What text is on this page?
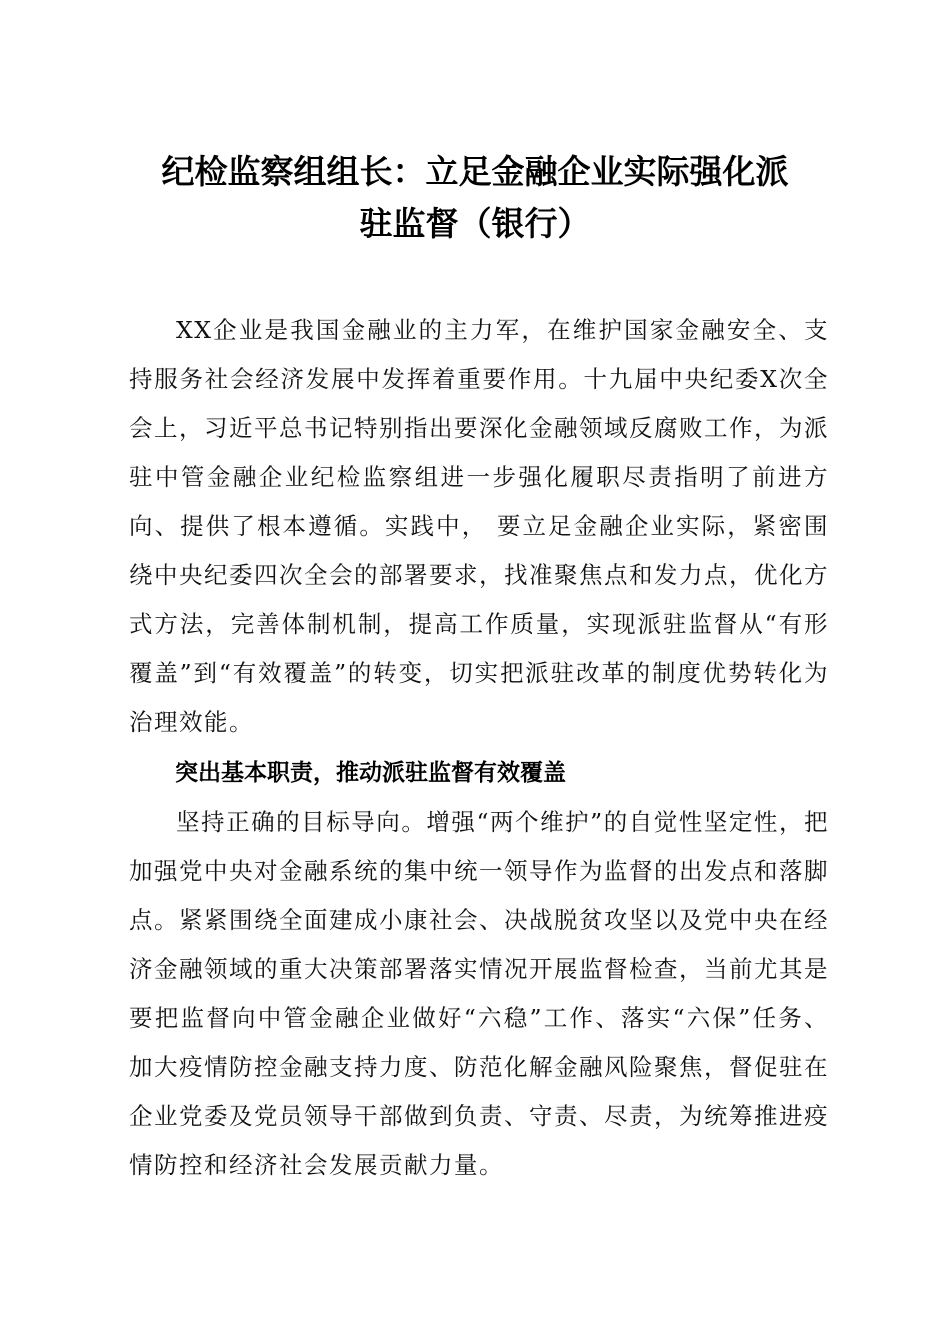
纪检监察组组长：立足金融企业实际强化派
驻监督（银行）

XX企业是我国金融业的主力军，在维护国家金融安全、支持服务社会经济发展中发挥着重要作用。十九届中央纪委X次全会上，习近平总书记特别指出要深化金融领域反腐败工作，为派驻中管金融企业纪检监察组进一步强化履职尽责指明了前进方向、提供了根本遵循。实践中， 要立足金融企业实际，紧密围绕中央纪委四次全会的部署要求，找准聚焦点和发力点，优化方式方法，完善体制机制，提高工作质量，实现派驻监督从“有形覆盖”到“有效覆盖”的转变，切实把派驻改革的制度优势转化为治理效能。

突出基本职责，推动派驻监督有效覆盖

坚持正确的目标导向。增强“两个维护”的自觉性坚定性，把加强党中央对金融系统的集中统一领导作为监督的出发点和落脚点。紧紧围绕全面建成小康社会、决战脱贫攻坚以及党中央在经济金融领域的重大决策部署落实情况开展监督检查，当前尤其是要把监督向中管金融企业做好“六稳”工作、落实“六保”任务、加大疫情防控金融支持力度、防范化解金融风险聚焦，督促驻在企业党委及党员领导干部做到负责、守责、尽责，为统筹推进疫情防控和经济社会发展贡献力量。
